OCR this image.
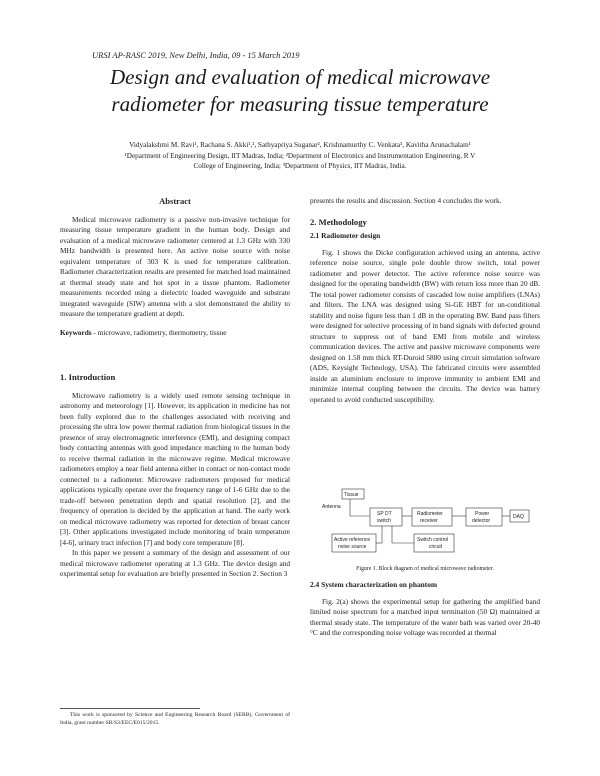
URSI AP-RASC 2019, New Delhi, India, 09 - 15 March 2019
Design and evaluation of medical microwave
radiometer for measuring tissue temperature
Vidyalakshmi M. Ravi¹, Rachana S. Akki¹,², Sathyapriya Suganar², Krishnamurthy C. Venkata³, Kavitha Arunachalam¹
¹Department of Engineering Design, IIT Madras, India; ²Department of Electronics and Instrumentation Engineering, R V
College of Engineering, India; ³Department of Physics, IIT Madras, India.

Abstract

Medical microwave radiometry is a passive non-invasive technique for measuring tissue temperature gradient in the human body. Design and evaluation of a medical microwave radiometer centered at 1.3 GHz with 330 MHz bandwidth is presented here. An active noise source with noise equivalent temperature of 303 K is used for temperature calibration. Radiometer characterization results are presented for matched load maintained at thermal steady state and hot spot in a tissue phantom. Radiometer measurements recorded using a dielectric loaded waveguide and substrate integrated waveguide (SIW) antenna with a slot demonstrated the ability to measure the temperature gradient at depth.

Keywords - microwave, radiometry, thermometry, tissue

1. Introduction

Microwave radiometry is a widely used remote sensing technique in astronomy and meteorology [1]. However, its application in medicine has not been fully explored due to the challenges associated with receiving and processing the ultra low power thermal radiation from biological tissues in the presence of stray electromagnetic interference (EMI), and designing compact body contacting antennas with good impedance matching to the human body to receive thermal radiation in the microwave regime. Medical microwave radiometers employ a near field antenna either in contact or non-contact mode connected to a radiometer. Microwave radiometers proposed for medical applications typically operate over the frequency range of 1-6 GHz due to the trade-off between penetration depth and spatial resolution [2], and the frequency of operation is decided by the application at hand. The early work on medical microwave radiometry was reported for detection of breast cancer [3]. Other applications investigated include monitoring of brain temperature [4-6], urinary tract infection [7] and body core temperature [8].

In this paper we present a summary of the design and assessment of our medical microwave radiometer operating at 1.3 GHz. The device design and experimental setup for evaluation are briefly presented in Section 2. Section 3

This work is sponsored by Science and Engineering Research Board (SERB), Government of India, grant number SB/S3/EEC/E015/2015.

presents the results and discussion. Section 4 concludes the work.

2. Methodology

2.1 Radiometer design

Fig. 1 shows the Dicke configuration achieved using an antenna, active reference noise source, single pole double throw switch, total power radiometer and power detector. The active reference noise source was designed for the operating bandwidth (BW) with return loss more than 20 dB. The total power radiometer consists of cascaded low noise amplifiers (LNAs) and filters. The LNA was designed using Si-GE HBT for un-conditional stability and noise figure less than 1 dB in the operating BW. Band pass filters were designed for selective processing of in band signals with defected ground structure to suppress out of band EMI from mobile and wireless communication devices. The active and passive microwave components were designed on 1.58 mm thick RT-Duroid 5880 using circuit simulation software (ADS, Keysight Technology, USA). The fabricated circuits were assembled inside an aluminium enclosure to improve immunity to ambient EMI and minimize internal coupling between the circuits. The device was battery operated to avoid conducted susceptibility.

Tissue
Antenna
SP DT
switch
Radiometer
receiver
Power
detector
DAQ
Active reference
noise source
Switch control
circuit
Figure 1. Block diagram of medical microwave radiometer.

2.4 System characterization on phantom

Fig. 2(a) shows the experimental setup for gathering the amplified band limited noise spectrum for a matched input termination (50 Ω) maintained at thermal steady state. The temperature of the water bath was varied over 20-40 °C and the corresponding noise voltage was recorded at thermal
